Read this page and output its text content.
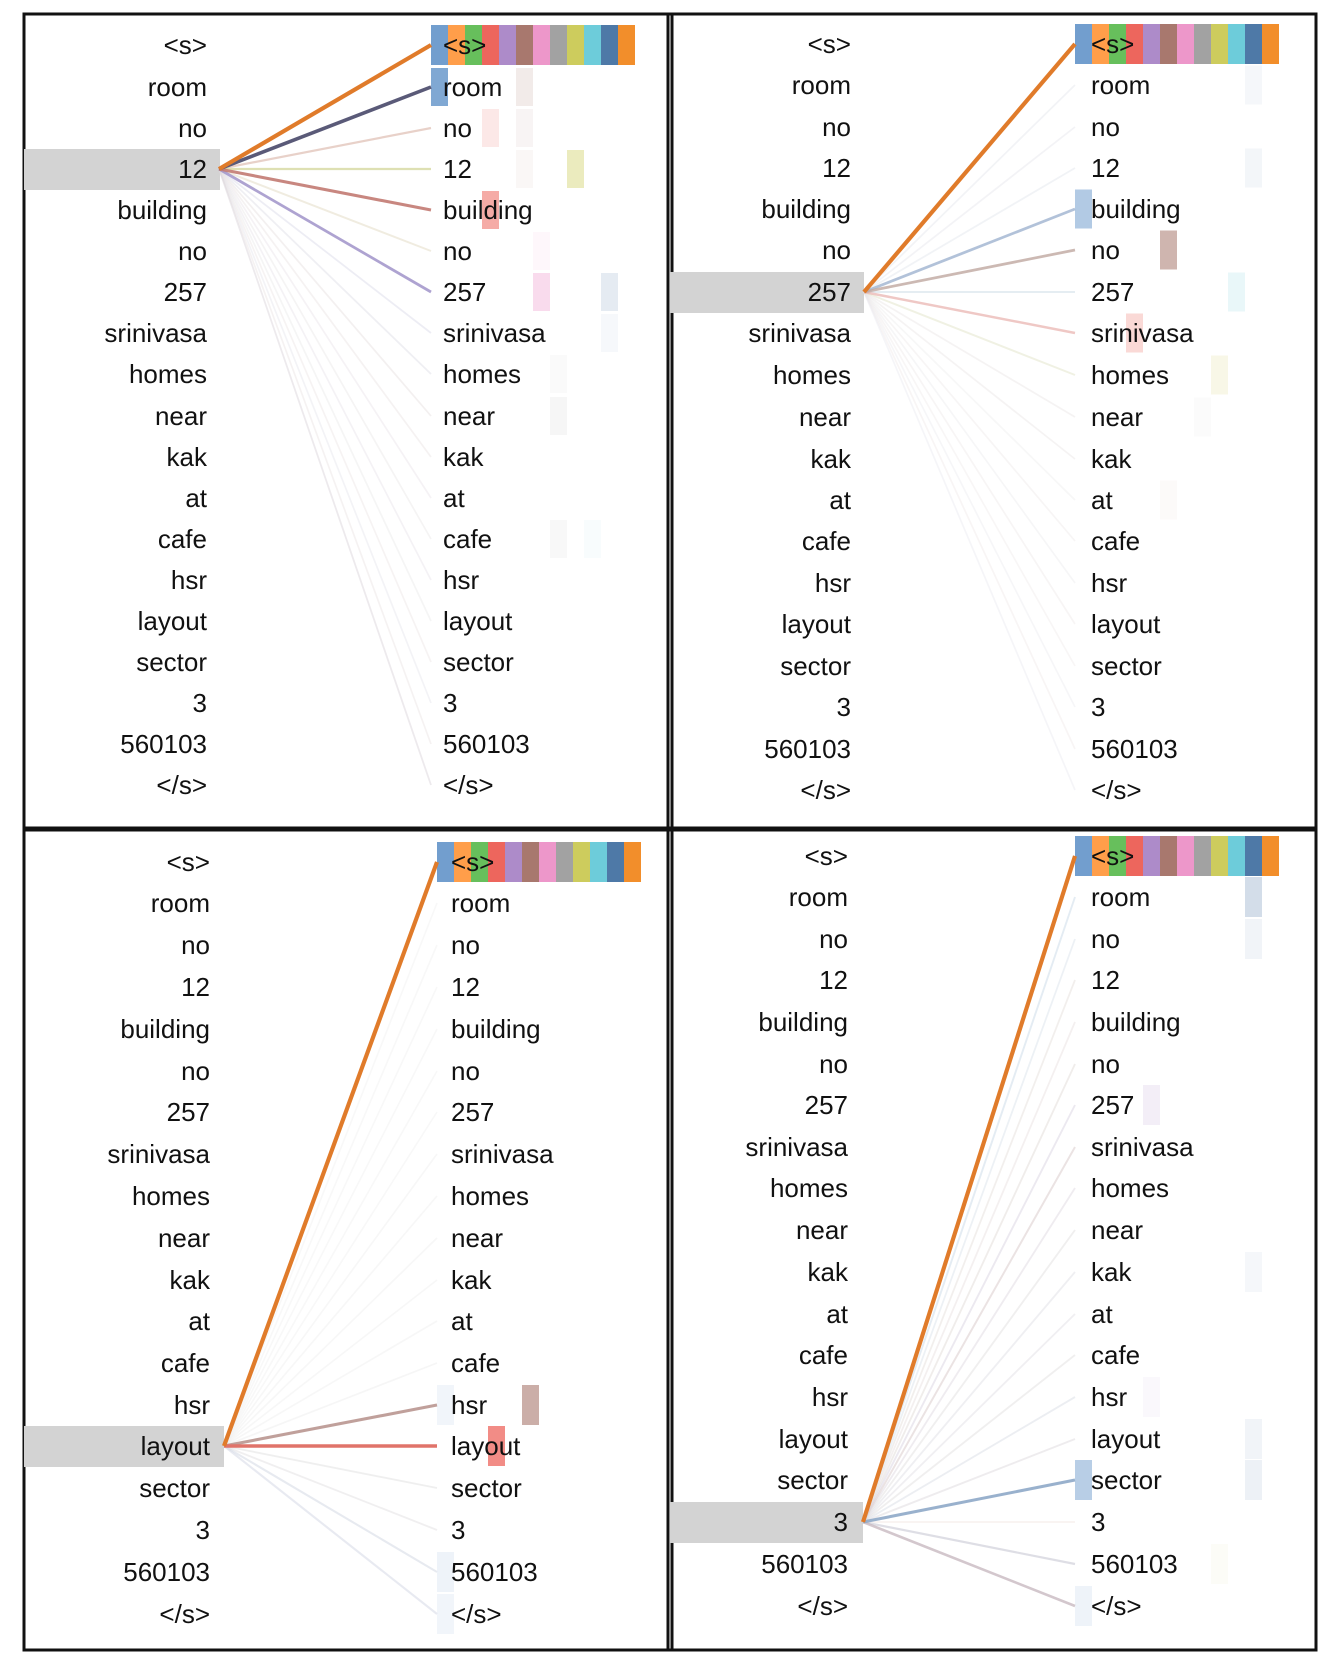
<s>	<s>
room	room
no	no
12	12
building	building
no	no
257	257
srinivasa	srinivasa
homes	homes
near	near
kak	kak
at	at
cafe	cafe
hsr	hsr
layout	layout
sector	sector
3	3
560103	560103
</s>	</s>
<s>	<s>
room	room
no	no
12	12
building	building
no	no
257	257
srinivasa	srinivasa
homes	homes
near	near
kak	kak
at	at
cafe	cafe
hsr	hsr
layout	layout
sector	sector
3	3
560103	560103
</s>	</s>
<s>	<s>
room	room
no	no
12	12
building	building
no	no
257	257
srinivasa	srinivasa
homes	homes
near	near
kak	kak
at	at
cafe	cafe
hsr	hsr
layout	layout
sector	sector
3	3
560103	560103
</s>	</s>
<s>	<s>
room	room
no	no
12	12
building	building
no	no
257	257
srinivasa	srinivasa
homes	homes
near	near
kak	kak
at	at
cafe	cafe
hsr	hsr
layout	layout
sector	sector
3	3
560103	560103
</s>	</s>
